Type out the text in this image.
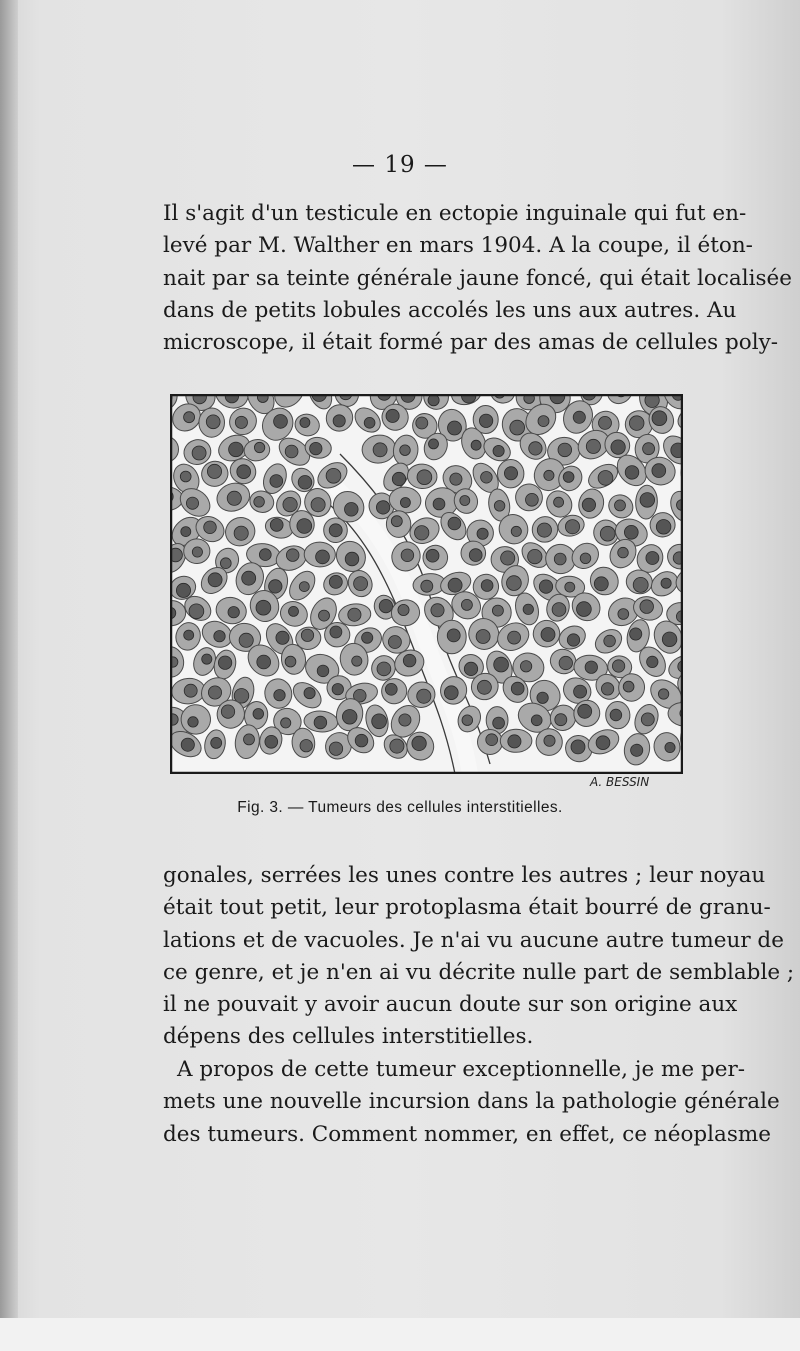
— 19 —
Il s'agit d'un testicule en ectopie inguinale qui fut en-
levé par M. Walther en mars 1904. A la coupe, il éton-
nait par sa teinte générale jaune foncé, qui était localisée
dans de petits lobules accolés les uns aux autres. Au
microscope, il était formé par des amas de cellules poly-
A. BESSIN
Fig. 3. — Tumeurs des cellules interstitielles.
gonales, serrées les unes contre les autres ; leur noyau
était tout petit, leur protoplasma était bourré de granu-
lations et de vacuoles. Je n'ai vu aucune autre tumeur de
ce genre, et je n'en ai vu décrite nulle part de semblable ;
il ne pouvait y avoir aucun doute sur son origine aux
dépens des cellules interstitielles.
A propos de cette tumeur exceptionnelle, je me per-
mets une nouvelle incursion dans la pathologie générale
des tumeurs. Comment nommer, en effet, ce néoplasme
